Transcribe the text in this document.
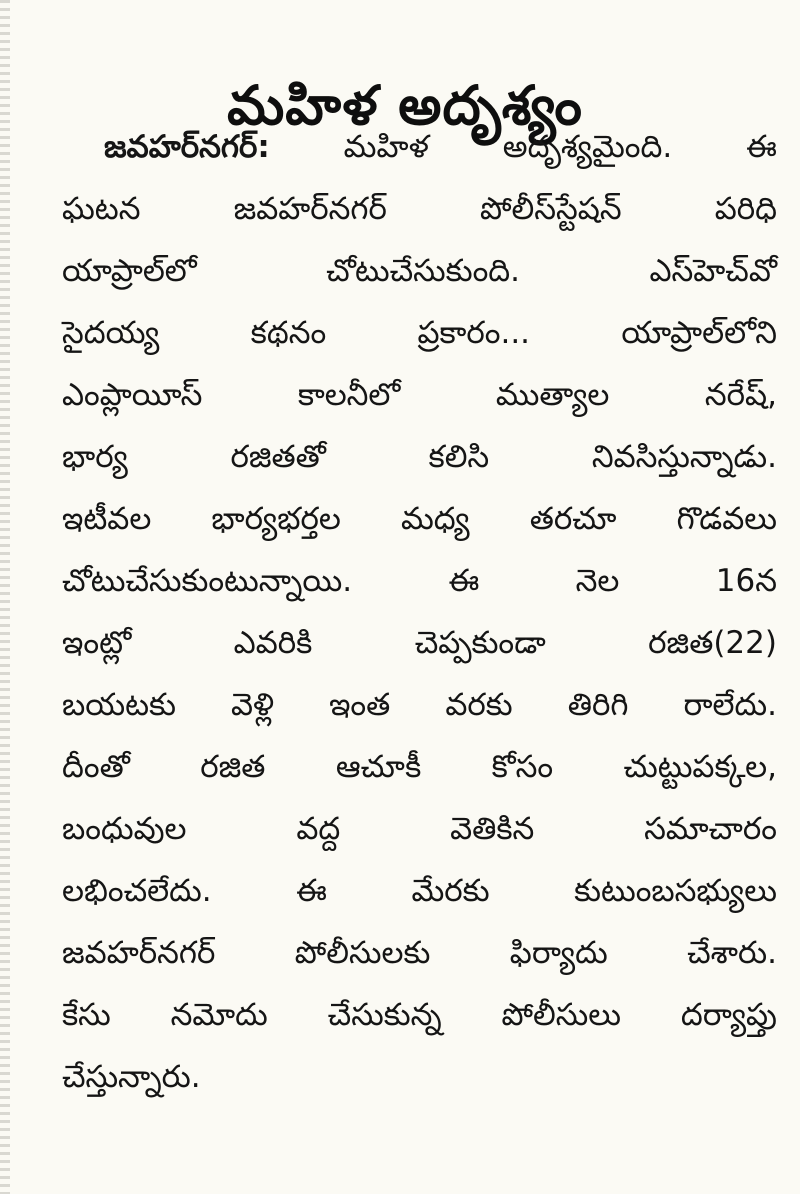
మహిళ అదృశ్యం
జవహర్‌నగర్: మహిళ అదృశ్యమైంది. ఈ
ఘటన	జవహర్‌నగర్	పోలీస్‌స్టేషన్	పరిధి
యాప్రాల్‌లో	చోటుచేసుకుంది.	ఎస్‌హెచ్‌వో
సైదయ్య	కథనం	ప్రకారం...	యాప్రాల్‌లోని
ఎంప్లాయీస్	కాలనీలో	ముత్యాల	నరేష్,
భార్య	రజితతో	కలిసి	నివసిస్తున్నాడు.
ఇటీవల భార్యభర్తల మధ్య తరచూ గొడవలు
చోటుచేసుకుంటున్నాయి.	ఈ	నెల	16న
ఇంట్లో	ఎవరికి	చెప్పకుండా	రజిత(22)
బయటకు వెళ్లి ఇంత వరకు తిరిగి రాలేదు.
దీంతో రజిత ఆచూకీ కోసం చుట్టుపక్కల,
బంధువుల	వద్ద	వెతికిన	సమాచారం
లభించలేదు.	ఈ	మేరకు	కుటుంబసభ్యులు
జవహర్‌నగర్	పోలీసులకు	ఫిర్యాదు	చేశారు.
కేసు నమోదు చేసుకున్న పోలీసులు దర్యాప్తు
చేస్తున్నారు.
